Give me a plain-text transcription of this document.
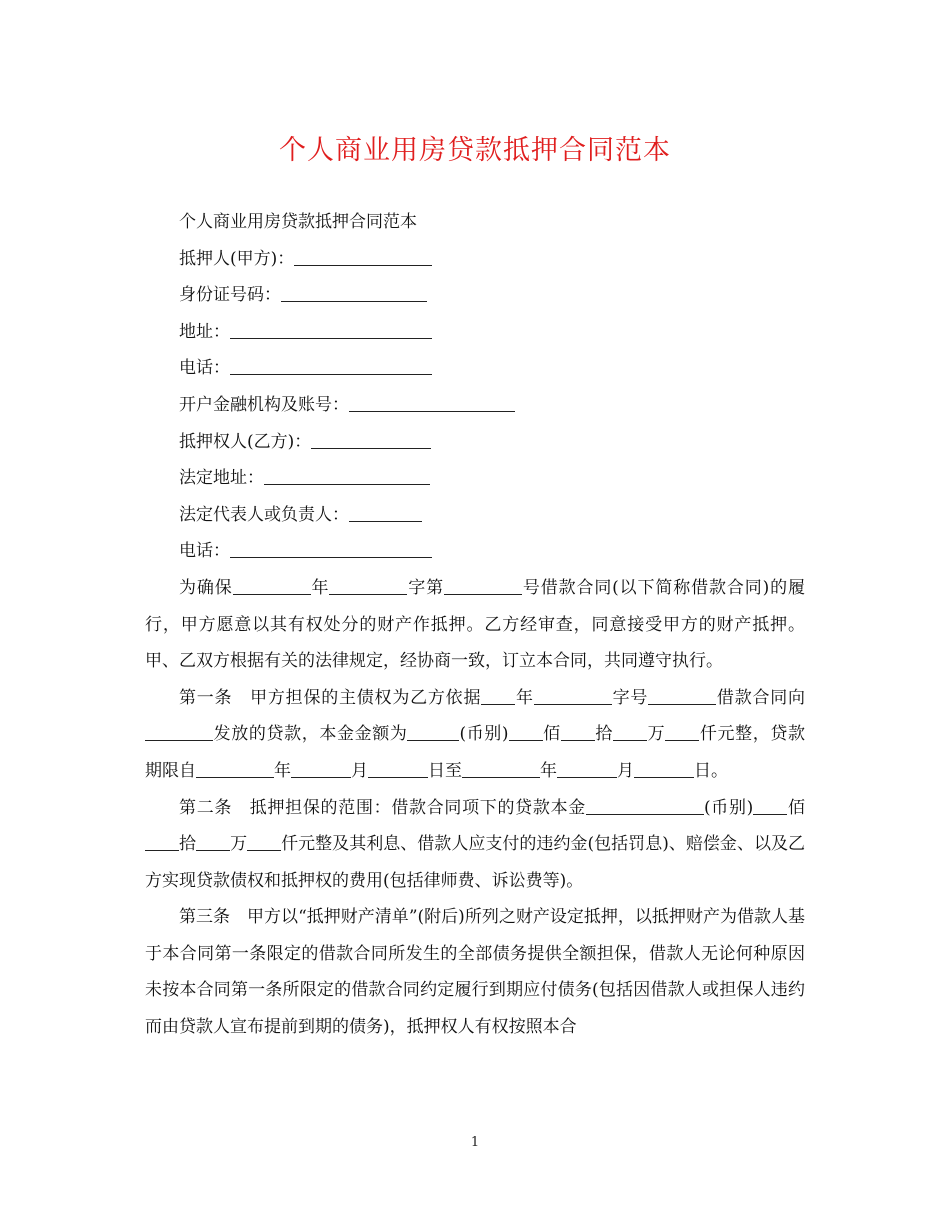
个人商业用房贷款抵押合同范本
个人商业用房贷款抵押合同范本
抵押人(甲方)：
身份证号码：
地址：
电话：
开户金融机构及账号：
抵押权人(乙方)：
法定地址：
法定代表人或负责人：
电话：
为确保	年	字第	号借款合同(以下简称借款合同)的履行，甲方愿意以其有权处分的财产作抵押。乙方经审查，同意接受甲方的财产抵押。甲、乙双方根据有关的法律规定，经协商一致，订立本合同，共同遵守执行。
第一条　甲方担保的主债权为乙方依据 年	字号	借款合同向发放的贷款，本金金额为	(币别) 佰 拾 万 仟元整，贷款期限自	年	月	日至	年	月	日。
第二条　抵押担保的范围：借款合同项下的贷款本金	(币别) 佰拾 万 仟元整及其利息、借款人应支付的违约金(包括罚息)、赔偿金、以及乙方实现贷款债权和抵押权的费用(包括律师费、诉讼费等)。
第三条　甲方以“抵押财产清单”(附后)所列之财产设定抵押，以抵押财产为借款人基于本合同第一条限定的借款合同所发生的全部债务提供全额担保，借款人无论何种原因未按本合同第一条所限定的借款合同约定履行到期应付债务(包括因借款人或担保人违约而由贷款人宣布提前到期的债务)，抵押权人有权按照本合
1
